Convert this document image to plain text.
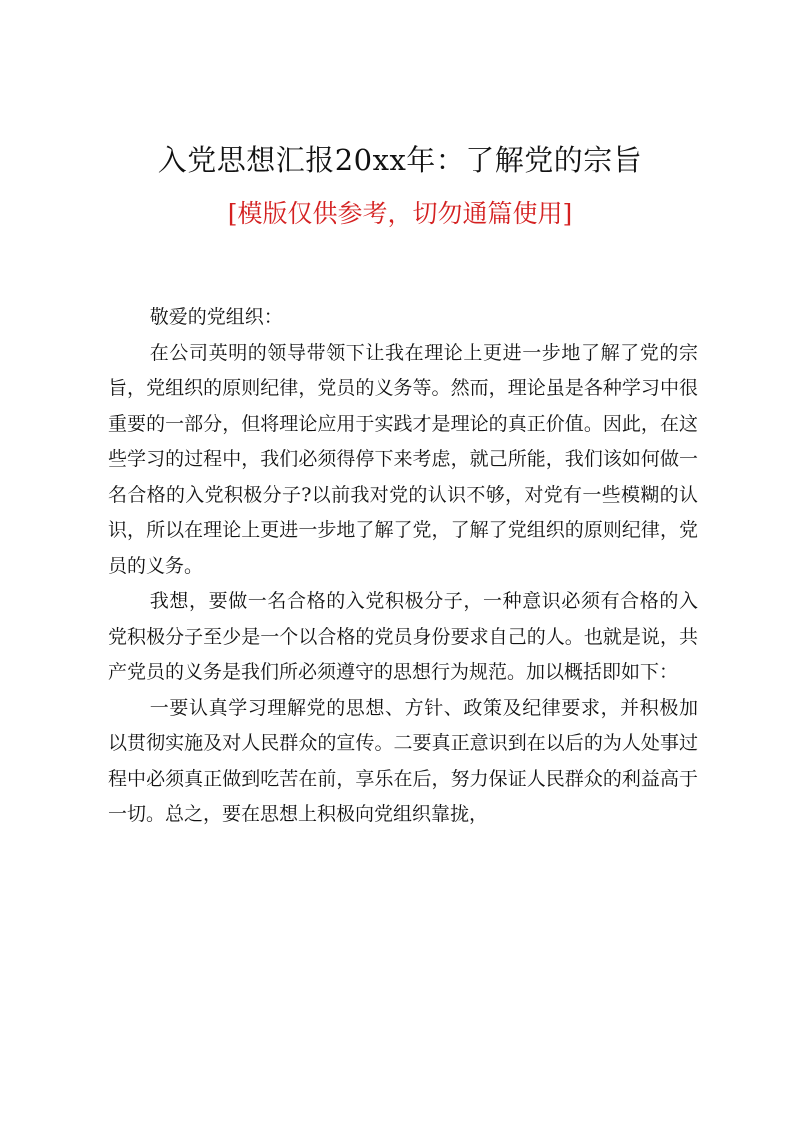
入党思想汇报20xx年：了解党的宗旨
[模版仅供参考，切勿通篇使用]

敬爱的党组织：

在公司英明的领导带领下让我在理论上更进一步地了解了党的宗旨，党组织的原则纪律，党员的义务等。然而，理论虽是各种学习中很重要的一部分，但将理论应用于实践才是理论的真正价值。因此，在这些学习的过程中，我们必须得停下来考虑，就己所能，我们该如何做一名合格的入党积极分子?以前我对党的认识不够，对党有一些模糊的认识，所以在理论上更进一步地了解了党，了解了党组织的原则纪律，党员的义务。

我想，要做一名合格的入党积极分子，一种意识必须有合格的入党积极分子至少是一个以合格的党员身份要求自己的人。也就是说，共产党员的义务是我们所必须遵守的思想行为规范。加以概括即如下：

一要认真学习理解党的思想、方针、政策及纪律要求，并积极加以贯彻实施及对人民群众的宣传。二要真正意识到在以后的为人处事过程中必须真正做到吃苦在前，享乐在后，努力保证人民群众的利益高于一切。总之，要在思想上积极向党组织靠拢，
